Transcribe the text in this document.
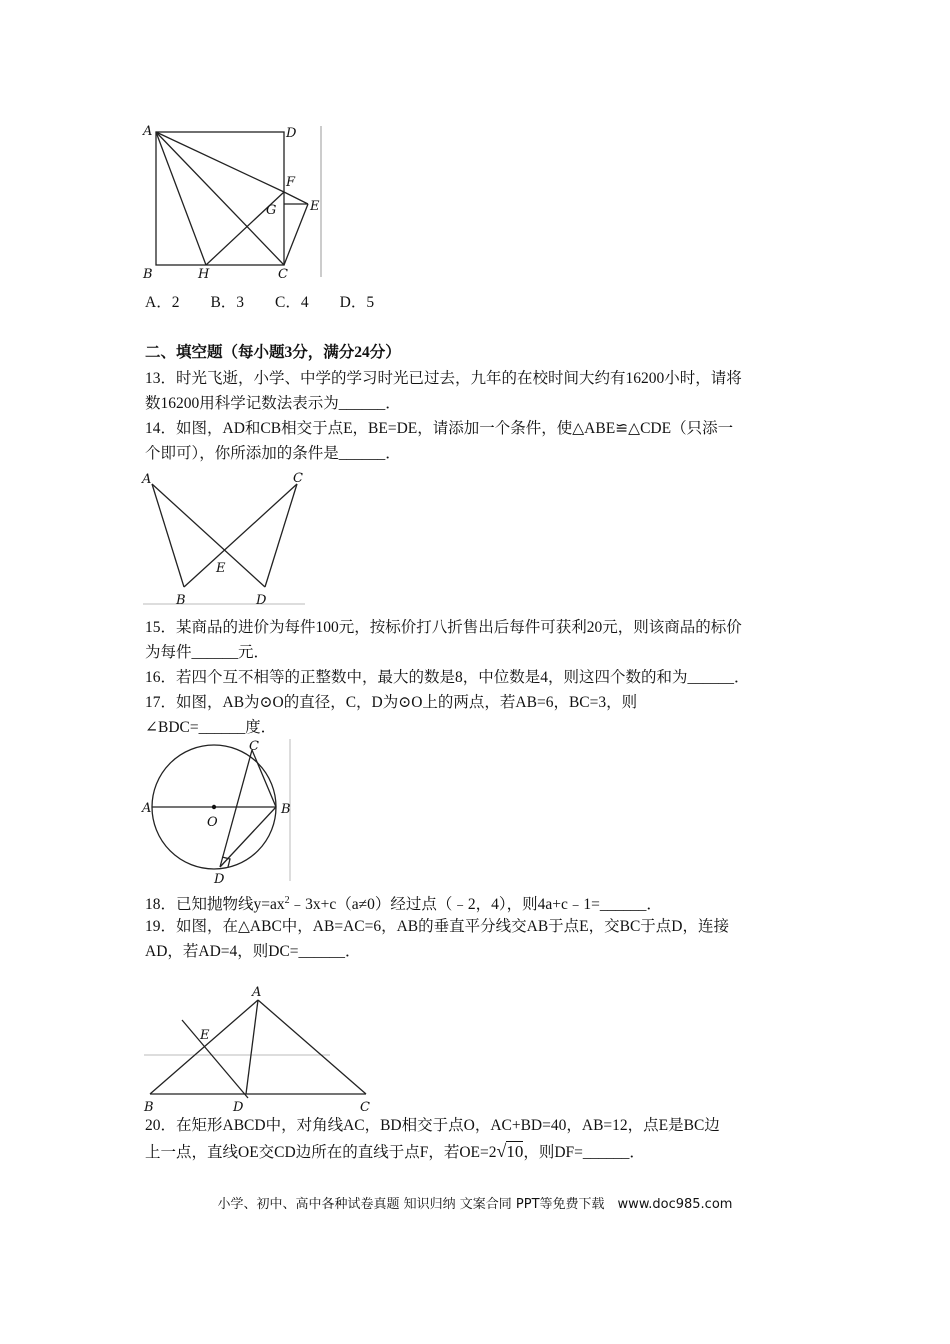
A	D
F
G	E
B	H	C
A．2　　B．3　　C．4　　D．5
二、填空题（每小题3分，满分24分）
13．时光飞逝，小学、中学的学习时光已过去，九年的在校时间大约有16200小时，请将
数16200用科学记数法表示为______．
14．如图，AD和CB相交于点E，BE=DE，请添加一个条件，使△ABE≌△CDE（只添一
个即可），你所添加的条件是______．
A	C
E
B	D
15．某商品的进价为每件100元，按标价打八折售出后每件可获利20元，则该商品的标价
为每件______元．
16．若四个互不相等的正整数中，最大的数是8，中位数是4，则这四个数的和为______．
17．如图，AB为⊙O的直径，C，D为⊙O上的两点，若AB=6，BC=3，则
∠BDC=______度．
A
O
B
C
D
18．已知抛物线$y=ax^2﹣3x+c(a\ne 0)$经过点（﹣2，4），则4a+c﹣1=______．
19．如图，在△ABC中，AB=AC=6，AB的垂直平分线交AB于点E，交BC于点D，连接
AD，若AD=4，则DC=______．
A
E
B	D	C
20．在矩形ABCD中，对角线AC，BD相交于点O，AC+BD=40，AB=12，点E是BC边
上一点，直线OE交CD边所在的直线于点F，若OE=2√10，则DF=______．
小学、初中、高中各种试卷真题 知识归纳 文案合同 PPT等免费下载　www.doc985.com
